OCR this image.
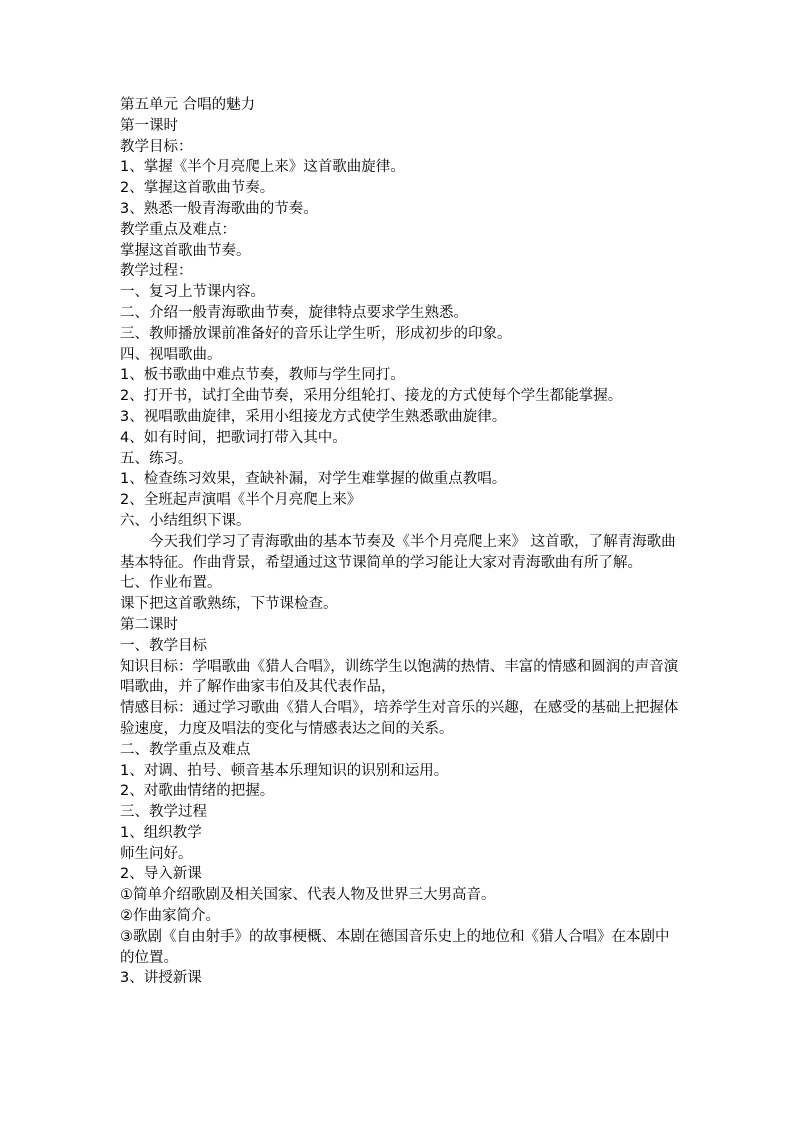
第五单元 合唱的魅力

第一课时

教学目标：

1、掌握《半个月亮爬上来》这首歌曲旋律。

2、掌握这首歌曲节奏。

3、熟悉一般青海歌曲的节奏。

教学重点及难点：

掌握这首歌曲节奏。

教学过程：

一、复习上节课内容。

二、介绍一般青海歌曲节奏，旋律特点要求学生熟悉。

三、教师播放课前准备好的音乐让学生听，形成初步的印象。

四、视唱歌曲。

1、板书歌曲中难点节奏，教师与学生同打。

2、打开书，试打全曲节奏，采用分组轮打、接龙的方式使每个学生都能掌握。

3、视唱歌曲旋律，采用小组接龙方式使学生熟悉歌曲旋律。

4、如有时间，把歌词打带入其中。

五、练习。

1、检查练习效果，查缺补漏，对学生难掌握的做重点教唱。

2、全班起声演唱《半个月亮爬上来》

六、小结组织下课。

今天我们学习了青海歌曲的基本节奏及《半个月亮爬上来》 这首歌，了解青海歌曲基本特征。作曲背景，希望通过这节课简单的学习能让大家对青海歌曲有所了解。

七、作业布置。

课下把这首歌熟练，下节课检查。

第二课时

一、教学目标

知识目标：学唱歌曲《猎人合唱》，训练学生以饱满的热情、丰富的情感和圆润的声音演唱歌曲，并了解作曲家韦伯及其代表作品，

情感目标：通过学习歌曲《猎人合唱》，培养学生对音乐的兴趣，在感受的基础上把握体验速度，力度及唱法的变化与情感表达之间的关系。

二、教学重点及难点

1、对调、拍号、顿音基本乐理知识的识别和运用。

2、对歌曲情绪的把握。

三、教学过程

1、组织教学

师生问好。

2、导入新课

①简单介绍歌剧及相关国家、代表人物及世界三大男高音。

②作曲家简介。

③歌剧《自由射手》的故事梗概、本剧在德国音乐史上的地位和《猎人合唱》在本剧中的位置。

3、讲授新课
